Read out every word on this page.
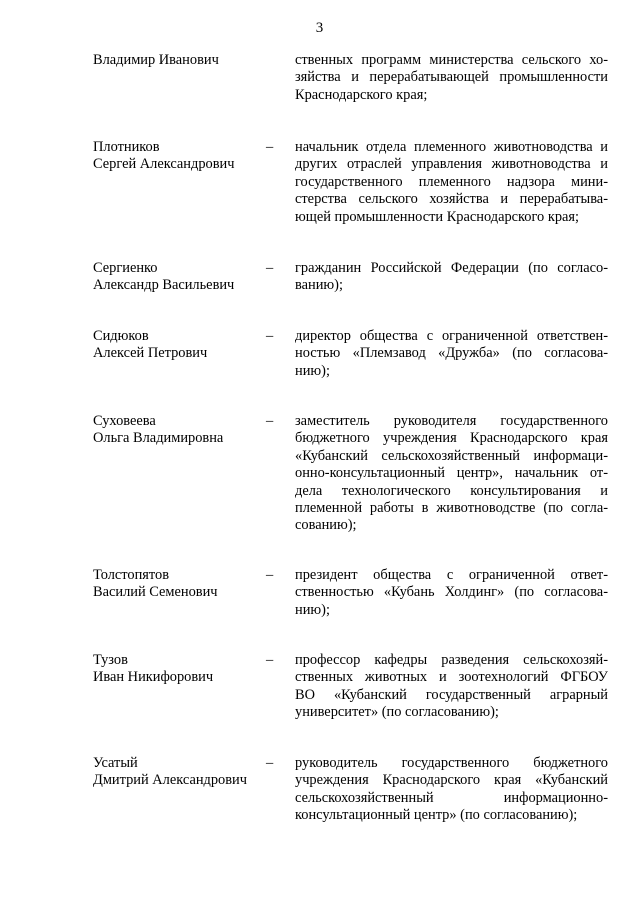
3
Владимир Иванович	ственных программ министерства сельского хо-
зяйства и перерабатывающей промышленности
Краснодарского края;
Плотников
Сергей Александрович
–	начальник отдела племенного животноводства и
других отраслей управления животноводства и
государственного племенного надзора мини-
стерства сельского хозяйства и перерабатыва-
ющей промышленности Краснодарского края;
Сергиенко
Александр Васильевич
–	гражданин Российской Федерации (по согласо-
ванию);
Сидюков
Алексей Петрович
–	директор общества с ограниченной ответствен-
ностью «Племзавод «Дружба» (по согласова-
нию);
Суховеева
Ольга Владимировна
–	заместитель руководителя государственного
бюджетного учреждения Краснодарского края
«Кубанский сельскохозяйственный информаци-
онно-консультационный центр», начальник от-
дела технологического консультирования и
племенной работы в животноводстве (по согла-
сованию);
Толстопятов
Василий Семенович
–	президент общества с ограниченной ответ-
ственностью «Кубань Холдинг» (по согласова-
нию);
Тузов
Иван Никифорович
–	профессор кафедры разведения сельскохозяй-
ственных животных и зоотехнологий ФГБОУ
ВО «Кубанский государственный аграрный
университет» (по согласованию);
Усатый
Дмитрий Александрович
–	руководитель государственного бюджетного
учреждения Краснодарского края «Кубанский
сельскохозяйственный информационно-
консультационный центр» (по согласованию);
